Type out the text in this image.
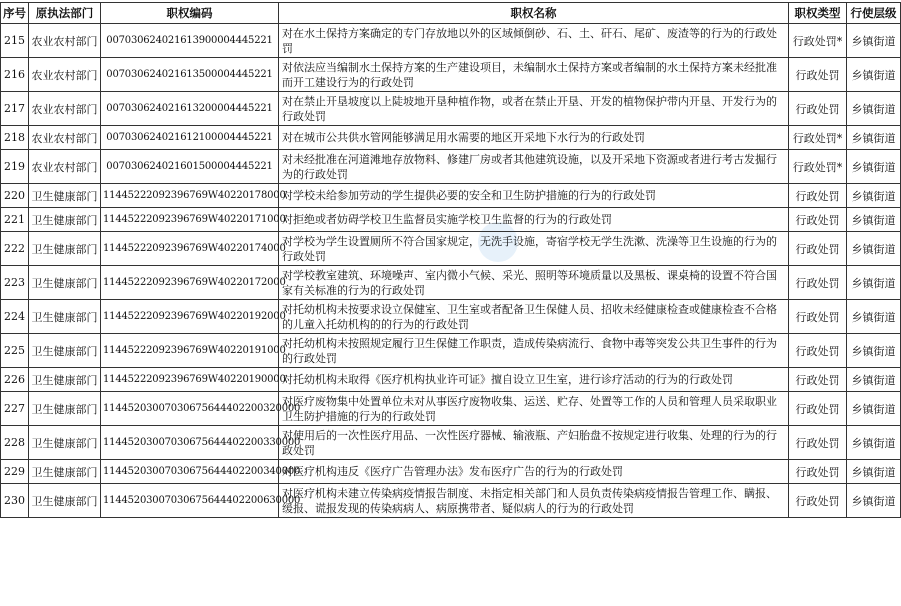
序号	原执法部门	职权编码	职权名称	职权类型	行使层级
215	农业农村部门	007030624021613900004445221	对在水土保持方案确定的专门存放地以外的区域倾倒砂、石、土、矸石、尾矿、废渣等的行为的行政处罚	行政处罚*	乡镇街道
216	农业农村部门	007030624021613500004445221	对依法应当编制水土保持方案的生产建设项目，未编制水土保持方案或者编制的水土保持方案未经批准而开工建设行为的行政处罚	行政处罚	乡镇街道
217	农业农村部门	007030624021613200004445221	对在禁止开垦坡度以上陡坡地开垦种植作物，或者在禁止开垦、开发的植物保护带内开垦、开发行为的行政处罚	行政处罚	乡镇街道
218	农业农村部门	007030624021612100004445221	对在城市公共供水管网能够满足用水需要的地区开采地下水行为的行政处罚	行政处罚*	乡镇街道
219	农业农村部门	007030624021601500004445221	对未经批准在河道滩地存放物料、修建厂房或者其他建筑设施，以及开采地下资源或者进行考古发掘行为的行政处罚	行政处罚*	乡镇街道
220	卫生健康部门	1144522209239676​9W40220178000	对学校未给参加劳动的学生提供必要的安全和卫生防护措施的行为的行政处罚	行政处罚	乡镇街道
221	卫生健康部门	11445222092396769W40220171000	对拒绝或者妨碍学校卫生监督员实施学校卫生监督的行为的行政处罚	行政处罚	乡镇街道
222	卫生健康部门	11445222092396769W40220174000	对学校为学生设置厕所不符合国家规定，无洗手设施，寄宿学校无学生洗漱、洗澡等卫生设施的行为的行政处罚	行政处罚	乡镇街道
223	卫生健康部门	11445222092396769W40220172000	对学校教室建筑、环境噪声、室内微小气候、采光、照明等环境质量以及黑板、课桌椅的设置不符合国家有关标准的行为的行政处罚	行政处罚	乡镇街道
224	卫生健康部门	11445222092396769W40220192000	对托幼机构未按要求设立保健室、卫生室或者配备卫生保健人员、招收未经健康检查或健康检查不合格的儿童入托幼机构的的行为的行政处罚	行政处罚	乡镇街道
225	卫生健康部门	11445222092396769W40220191000	对托幼机构未按照规定履行卫生保健工作职责，造成传染病流行、食物中毒等突发公共卫生事件的行为的行政处罚	行政处罚	乡镇街道
226	卫生健康部门	11445222092396769W40220190000	对托幼机构未取得《医疗机构执业许可证》擅自设立卫生室，进行诊疗活动的行为的行政处罚	行政处罚	乡镇街道
227	卫生健康部门	11445203007030675644402200320000	对医疗废物集中处置单位未对从事医疗废物收集、运送、贮存、处置等工作的人员和管理人员采取职业卫生防护措施的行为的行政处罚	行政处罚	乡镇街道
228	卫生健康部门	11445203007030675644402200330000	对使用后的一次性医疗用品、一次性医疗器械、输液瓶、产妇胎盘不按规定进行收集、处理的行为的行政处罚	行政处罚	乡镇街道
229	卫生健康部门	11445203007030675644402200340000	对医疗机构违反《医疗广告管理办法》发布医疗广告的行为的行政处罚	行政处罚	乡镇街道
230	卫生健康部门	11445203007030675644402200630000	对医疗机构未建立传染病疫情报告制度、未指定相关部门和人员负责传染病疫情报告管理工作、瞒报、缓报、谎报发现的传染病病人、病原携带者、疑似病人的行为的行政处罚	行政处罚	乡镇街道
